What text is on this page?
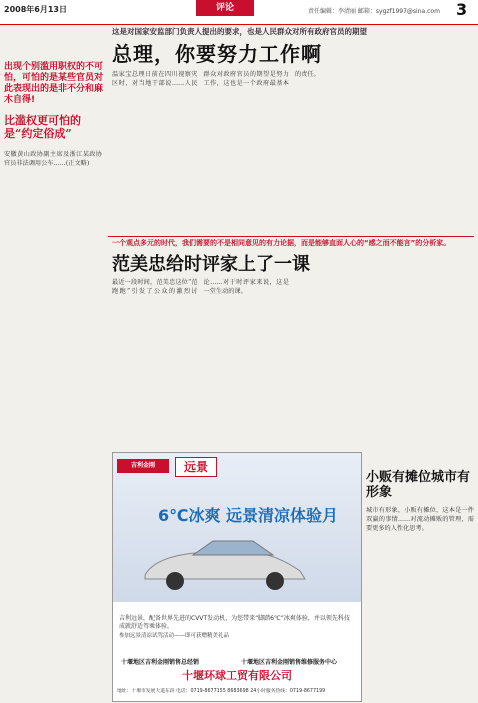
2008年6月13日	评论	责任编辑：李清丽 邮箱：sygzf1997@sina.com 3
出现个别滥用职权的不可怕，可怕的是某些官员对此表现出的是非不分和麻木自得!
比滥权更可怕的是“约定俗成”
安徽黄山政协副主席及浙江某政协官员非法调用公车……(正文略)
这是对国家安监部门负责人提出的要求，也是人民群众对所有政府官员的期望
总理，你要努力工作啊
温家宝总理日前在四川视察灾区时，对当地干部说……人民群众对政府官员的期望是努力工作，这也是一个政府最基本的责任。
一个观点多元的时代，我们需要的不是相同意见的有力论据，而是能够直面人心的“感之而不能言”的分析家。
范美忠给时评家上了一课
最近一段时间，范美忠这位“范跑跑”引发了公众的激烈讨论……对于时评家来说，这是一堂生动的课。
吉利金刚	远景
6℃冰爽 远景清凉体验月
吉利远景，配备世界先进的CVVT发动机，为您带来“脚踏6℃”冰爽体验，并以领先科技成就舒适驾乘体验。
参加远景清凉试驾活动——即可获赠精美礼品
十堰地区吉利金刚销售总经销	十堰地区吉利金刚销售维修服务中心
十堰环球工贸有限公司
地址：十堰市发展大道东段 电话：0719-8677155 8683698 24小时服务热线：0719-8677199
小贩有摊位城市有形象
城市有形象，小贩有摊位，这本是一件双赢的事情……对流动摊贩的管理，需要更多的人性化思考。
